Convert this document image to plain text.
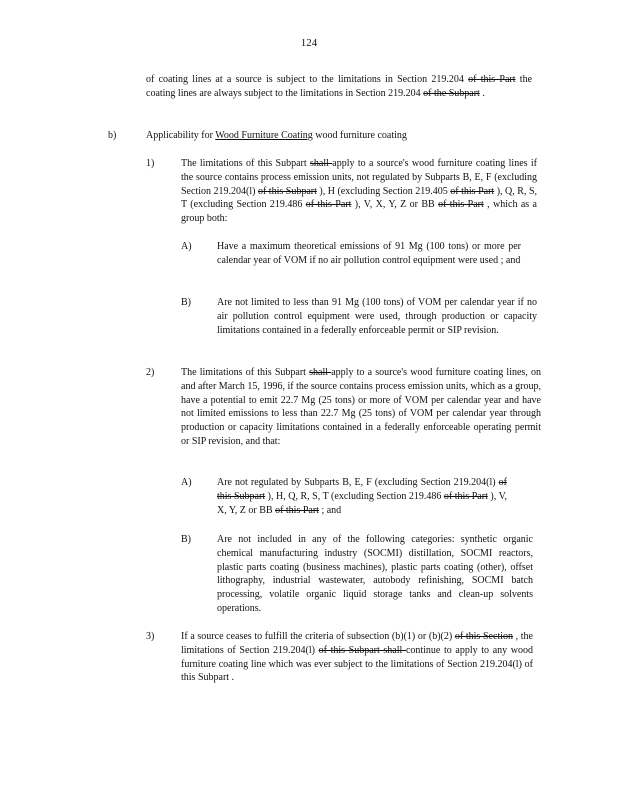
124
of coating lines at a source is subject to the limitations in Section 219.204 of this Part the coating lines are always subject to the limitations in Section 219.204 of the Subpart .
b)	Applicability for Wood Furniture Coating wood furniture coating
1)	The limitations of this Subpart shall apply to a source's wood furniture coating lines if the source contains process emission units, not regulated by Subparts B, E, F (excluding Section 219.204(l) of this Subpart ), H (excluding Section 219.405 of this Part ), Q, R, S, T (excluding Section 219.486 of this Part ), V, X, Y, Z or BB of this Part , which as a group both:
A)	Have a maximum theoretical emissions of 91 Mg (100 tons) or more per calendar year of VOM if no air pollution control equipment were used ; and
B)	Are not limited to less than 91 Mg (100 tons) of VOM per calendar year if no air pollution control equipment were used, through production or capacity limitations contained in a federally enforceable permit or SIP revision.
2)	The limitations of this Subpart shall apply to a source's wood furniture coating lines, on and after March 15, 1996, if the source contains process emission units, which as a group, have a potential to emit 22.7 Mg (25 tons) or more of VOM per calendar year and have not limited emissions to less than 22.7 Mg (25 tons) of VOM per calendar year through production or capacity limitations contained in a federally enforceable operating permit or SIP revision, and that:
A)	Are not regulated by Subparts B, E, F (excluding Section 219.204(l) of this Subpart ), H, Q, R, S, T (excluding Section 219.486 of this Part ), V, X, Y, Z or BB of this Part ; and
B)	Are not included in any of the following categories: synthetic organic chemical manufacturing industry (SOCMI) distillation, SOCMI reactors, plastic parts coating (business machines), plastic parts coating (other), offset lithography, industrial wastewater, autobody refinishing, SOCMI batch processing, volatile organic liquid storage tanks and clean-up solvents operations.
3)	If a source ceases to fulfill the criteria of subsection (b)(1) or (b)(2) of this Section , the limitations of Section 219.204(l) of this Subpart shall continue to apply to any wood furniture coating line which was ever subject to the limitations of Section 219.204(l) of this Subpart .
